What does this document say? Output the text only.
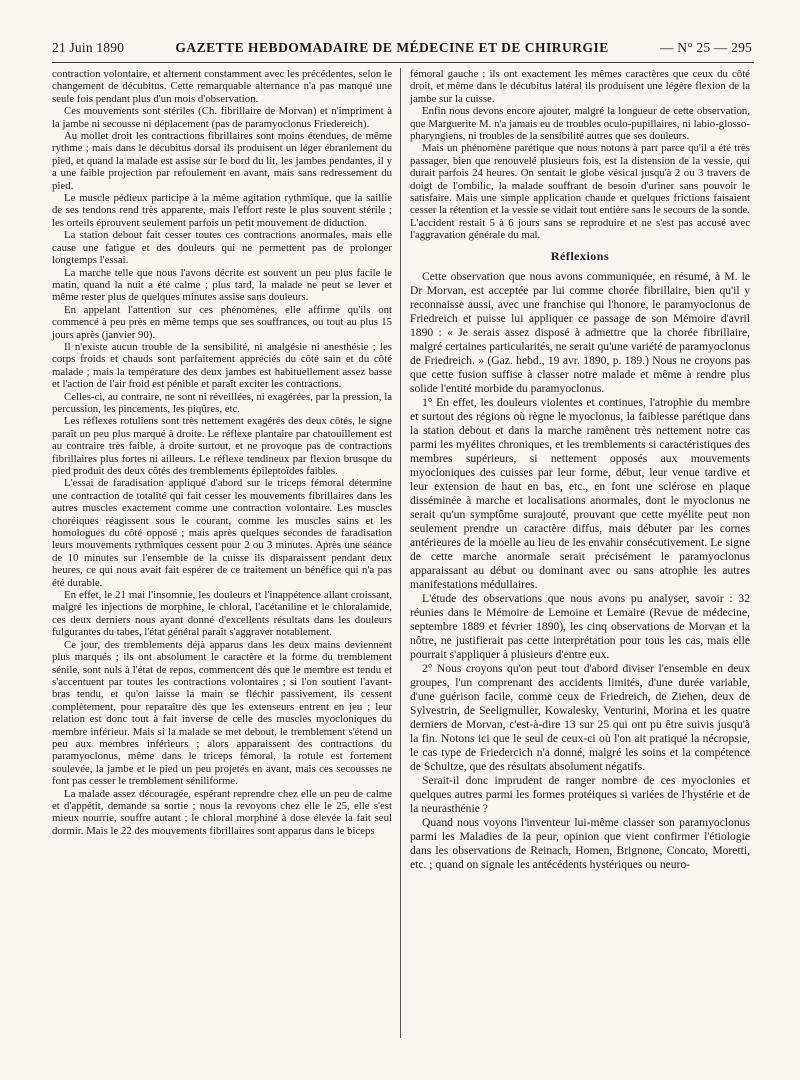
21 Juin 1890	GAZETTE HEBDOMADAIRE DE MÉDECINE ET DE CHIRURGIE	— N° 25 — 295

contraction volontaire, et alternent constamment avec les précédentes, selon le changement de décubitus. Cette remarquable alternance n'a pas manqué une seule fois pendant plus d'un mois d'observation.

Ces mouvements sont stériles (Ch. fibrillaire de Morvan) et n'impriment à la jambe ni secousse ni déplacement (pas de paramyoclonus Friedereich).

Au mollet droit les contractions fibrillaires sont moins étendues, de même rythme ; mais dans le décubitus dorsal ils produisent un léger ébranlement du pied, et quand la malade est assise sur le bord du lit, les jambes pendantes, il y a une faible projection par refoulement en avant, mais sans redressement du pied.

Le muscle pédieux participe à la même agitation rythmique, que la saillie de ses tendons rend très apparente, mais l'effort reste le plus souvent stérile ; les orteils éprouvent seulement parfois un petit mouvement de diduction.

La station debout fait cesser toutes ces contractions anormales, mais elle cause une fatigue et des douleurs qui ne permettent pas de prolonger longtemps l'essai.

La marche telle que nous l'avons décrite est souvent un peu plus facile le matin, quand la nuit a été calme ; plus tard, la malade ne peut se lever et même rester plus de quelques minutes assise sans douleurs.

En appelant l'attention sur ces phénomènes, elle affirme qu'ils ont commencé à peu près en même temps que ses souffrances, ou tout au plus 15 jours après (janvier 90).

Il n'existe aucun trouble de la sensibilité, ni analgésie ni anesthésie ; les corps froids et chauds sont parfaitement appréciés du côté sain et du côté malade ; mais la température des deux jambes est habituellement assez basse et l'action de l'air froid est pénible et paraît exciter les contractions.

Celles-ci, au contraire, ne sont ni réveillées, ni exagérées, par la pression, la percussion, les pincements, les piqûres, etc.

Les réflexes rotuliens sont très nettement exagérés des deux côtés, le signe paraît un peu plus marqué à droite. Le réflexe plantaire par chatouillement est au contraire très faible, à droite surtout, et ne provoque pas de contractions fibrillaires plus fortes ni ailleurs. Le réflexe tendineux par flexion brusque du pied produit des deux côtés des tremblements épileptoïdes faibles.

L'essai de faradisation appliqué d'abord sur le triceps fémoral détermine une contraction de totalité qui fait cesser les mouvements fibrillaires dans les autres muscles exactement comme une contraction volontaire. Les muscles choréiques réagissent sous le courant, comme les muscles sains et les homologues du côté opposé ; mais après quelques secondes de faradisation leurs mouvements rythmiques cessent pour 2 ou 3 minutes. Après une séance de 10 minutes sur l'ensemble de la cuisse ils disparaissent pendant deux heures, ce qui nous avait fait espérer de ce traitement un bénéfice qui n'a pas été durable.

En effet, le 21 mai l'insomnie, les douleurs et l'inappétence allant croissant, malgré les injections de morphine, le chloral, l'acétaniline et le chloralamide, ces deux derniers nous ayant donné d'excellents résultats dans les douleurs fulgurantes du tabes, l'état général paraît s'aggraver notablement.

Ce jour, des tremblements déjà apparus dans les deux mains deviennent plus marqués ; ils ont absolument le caractère et la forme du tremblement sénile, sont nuls à l'état de repos, commencent dès que le membre est tendu et s'accentuent par toutes les contractions volontaires ; si l'on soutient l'avant-bras tendu, et qu'on laisse la main se fléchir passivement, ils cessent complètement, pour reparaître dès que les extenseurs entrent en jeu ; leur relation est donc tout à fait inverse de celle des muscles myocloniques du membre inférieur. Mais si la malade se met debout, le tremblement s'étend un peu aux membres inférieurs ; alors apparaissent des contractions du paramyoclonus, même dans le triceps fémoral, la rotule est fortement soulevée, la jambe et le pied un peu projetés en avant, mais ces secousses ne font pas cesser le tremblement séniliforme.

La malade assez découragée, espérant reprendre chez elle un peu de calme et d'appétit, demande sa sortie ; nous la revoyons chez elle le 25, elle s'est mieux nourrie, souffre autant ; le chloral morphiné à dose élevée la fait seul dormir. Mais le 22 des mouvements fibrillaires sont apparus dans le biceps

fémoral gauche ; ils ont exactement les mêmes caractères que ceux du côté droit, et même dans le décubitus latéral ils produisent une légère flexion de la jambe sur la cuisse.

Enfin nous devons encore ajouter, malgré la longueur de cette observation, que Marguerite M. n'a jamais eu de troubles oculo-pupillaires, ni labio-glosso-pharyngiens, ni troubles de la sensibilité autres que ses douleurs.

Mais un phénomène parétique que nous notons à part parce qu'il a été très passager, bien que renouvelé plusieurs fois, est la distension de la vessie, qui durait parfois 24 heures. On sentait le globe vésical jusqu'à 2 ou 3 travers de doigt de l'ombilic, la malade souffrant de besoin d'uriner sans pouvoir le satisfaire. Mais une simple application chaude et quelques frictions faisaient cesser la rétention et la vessie se vidait tout entière sans le secours de la sonde. L'accident restait 5 à 6 jours sans se reproduire et ne s'est pas accusé avec l'aggravation générale du mal.

Réflexions

Cette observation que nous avons communiquée, en résumé, à M. le Dr Morvan, est acceptée par lui comme chorée fibrillaire, bien qu'il y reconnaisse aussi, avec une franchise qui l'honore, le paramyoclonus de Friedreich et puisse lui appliquer ce passage de son Mémoire d'avril 1890 : « Je serais assez disposé à admettre que la chorée fibrillaire, malgré certaines particularités, ne serait qu'une variété de paramyoclonus de Friedreich. » (Gaz. hebd., 19 avr. 1890, p. 189.) Nous ne croyons pas que cette fusion suffise à classer notre malade et même à rendre plus solide l'entité morbide du paramyoclonus.

1° En effet, les douleurs violentes et continues, l'atrophie du membre et surtout des régions où règne le myoclonus, la faiblesse parétique dans la station debout et dans la marche ramènent très nettement notre cas parmi les myélites chroniques, et les tremblements si caractéristiques des membres supérieurs, si nettement opposés aux mouvements myocloniques des cuisses par leur forme, début, leur venue tardive et leur extension de haut en bas, etc., en font une sclérose en plaque disséminée à marche et localisations anormales, dont le myoclonus ne serait qu'un symptôme surajouté, prouvant que cette myélite peut non seulement prendre un caractère diffus, mais débuter par les cornes antérieures de la moelle au lieu de les envahir consécutivement. Le signe de cette marche anormale serait précisément le paramyoclonus apparaissant au début ou dominant avec ou sans atrophie les autres manifestations médullaires.

L'étude des observations que nous avons pu analyser, savoir : 32 réunies dans le Mémoire de Lemoine et Lemaire (Revue de médecine, septembre 1889 et février 1890), les cinq observations de Morvan et la nôtre, ne justifierait pas cette interprétation pour tous les cas, mais elle pourrait s'appliquer à plusieurs d'entre eux.

2° Nous croyons qu'on peut tout d'abord diviser l'ensemble en deux groupes, l'un comprenant des accidents limités, d'une durée variable, d'une guérison facile, comme ceux de Friedreich, de Ziehen, deux de Sylvestrin, de Seeligmuller, Kowalesky, Venturini, Morina et les quatre derniers de Morvan, c'est-à-dire 13 sur 25 qui ont pu être suivis jusqu'à la fin. Notons ici que le seul de ceux-ci où l'on ait pratiqué la nécropsie, le cas type de Friedercich n'a donné, malgré les soins et la compétence de Schultze, que des résultats absolument négatifs.

Serait-il donc imprudent de ranger nombre de ces myoclonies et quelques autres parmi les formes protéiques si variées de l'hystérie et de la neurasthénie ?

Quand nous voyons l'inventeur lui-même classer son paramyoclonus parmi les Maladies de la peur, opinion que vient confirmer l'étiologie dans les observations de Reinach, Homen, Brignone, Concato, Moretti, etc. ; quand on signale les antécédents hystériques ou neuro-
